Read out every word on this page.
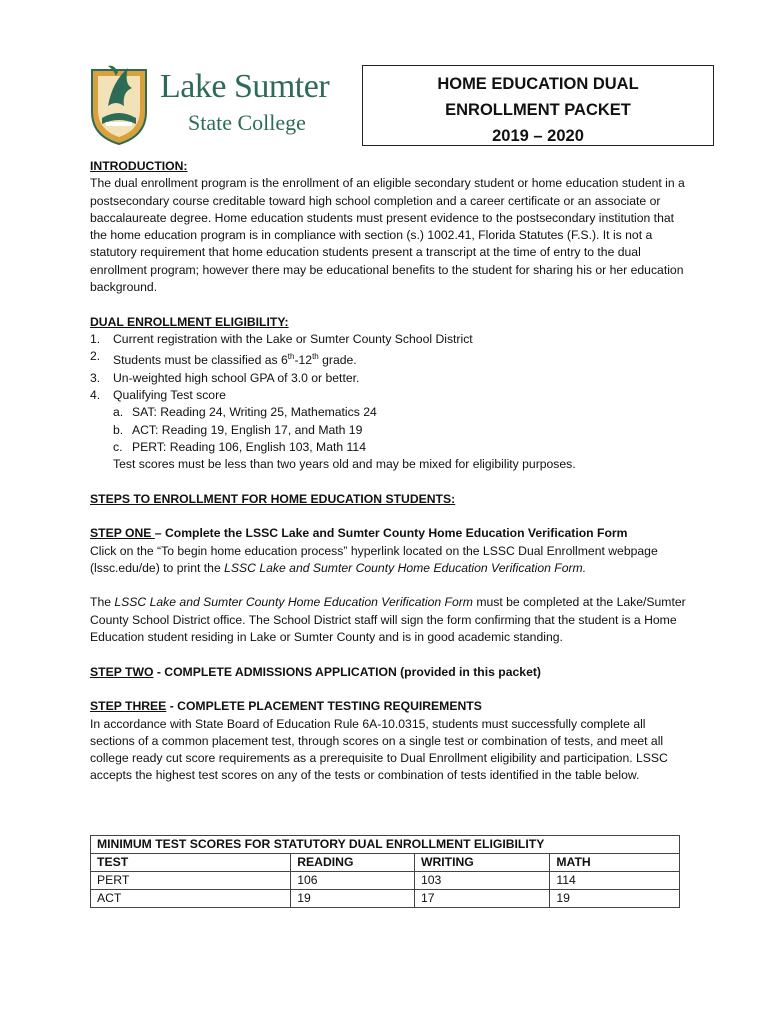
Lake Sumter
State College
HOME EDUCATION DUAL
ENROLLMENT PACKET
2019 – 2020

INTRODUCTION:

The dual enrollment program is the enrollment of an eligible secondary student or home education student in a postsecondary course creditable toward high school completion and a career certificate or an associate or baccalaureate degree. Home education students must present evidence to the postsecondary institution that the home education program is in compliance with section (s.) 1002.41, Florida Statutes (F.S.). It is not a statutory requirement that home education students present a transcript at the time of entry to the dual enrollment program; however there may be educational benefits to the student for sharing his or her education background.

DUAL ENROLLMENT ELIGIBILITY:

1. Current registration with the Lake or Sumter County School District
2. Students must be classified as 6th-12th grade.
3. Un-weighted high school GPA of 3.0 or better.
4. Qualifying Test score
a. SAT: Reading 24, Writing 25, Mathematics 24
b. ACT: Reading 19, English 17, and Math 19
c. PERT: Reading 106, English 103, Math 114

Test scores must be less than two years old and may be mixed for eligibility purposes.

STEPS TO ENROLLMENT FOR HOME EDUCATION STUDENTS:

STEP ONE – Complete the LSSC Lake and Sumter County Home Education Verification Form

Click on the “To begin home education process” hyperlink located on the LSSC Dual Enrollment webpage (lssc.edu/de) to print the LSSC Lake and Sumter County Home Education Verification Form.

The LSSC Lake and Sumter County Home Education Verification Form must be completed at the Lake/Sumter County School District office. The School District staff will sign the form confirming that the student is a Home Education student residing in Lake or Sumter County and is in good academic standing.

STEP TWO - COMPLETE ADMISSIONS APPLICATION (provided in this packet)

STEP THREE - COMPLETE PLACEMENT TESTING REQUIREMENTS

In accordance with State Board of Education Rule 6A-10.0315, students must successfully complete all sections of a common placement test, through scores on a single test or combination of tests, and meet all college ready cut score requirements as a prerequisite to Dual Enrollment eligibility and participation. LSSC accepts the highest test scores on any of the tests or combination of tests identified in the table below.

MINIMUM TEST SCORES FOR STATUTORY DUAL ENROLLMENT ELIGIBILITY			
TEST	READING	WRITING	MATH
PERT	106	103	114
ACT	19	17	19
